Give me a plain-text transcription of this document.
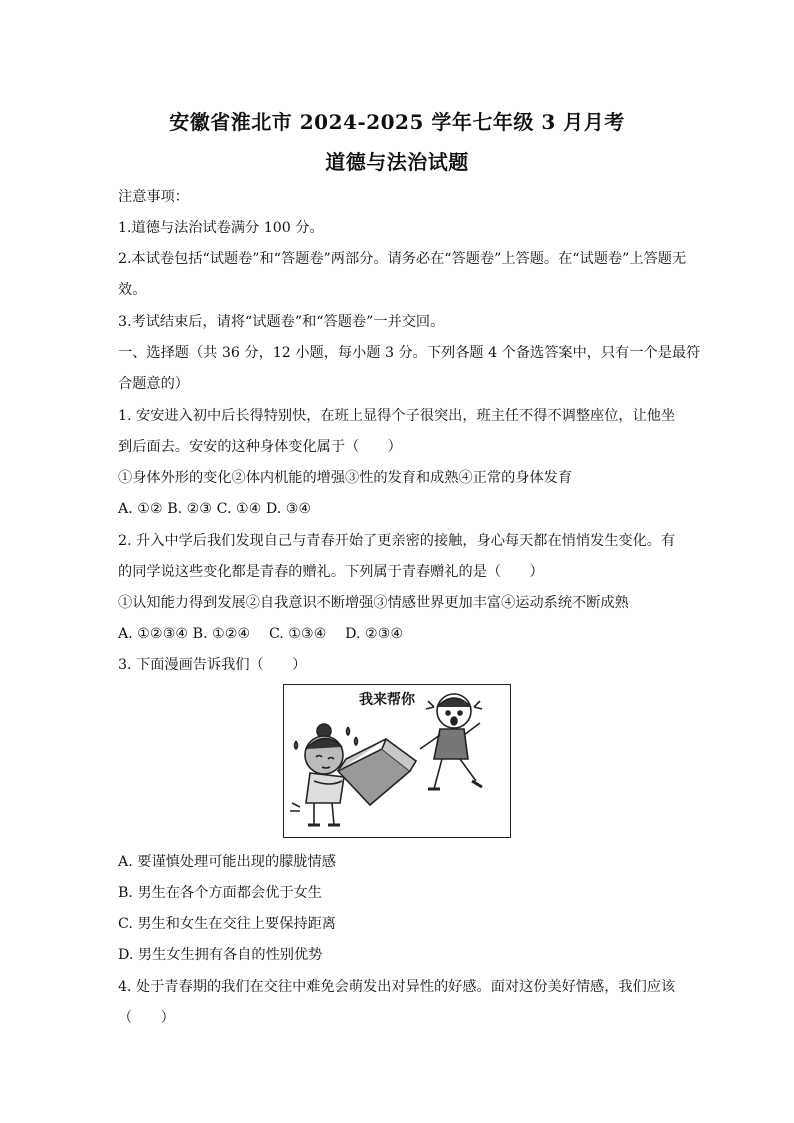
安徽省淮北市 2024-2025 学年七年级 3 月月考
道德与法治试题
注意事项：
1.道德与法治试卷满分 100 分。
2.本试卷包括“试题卷”和“答题卷”两部分。请务必在“答题卷”上答题。在“试题卷”上答题无
效。
3.考试结束后，请将“试题卷”和“答题卷”一并交回。
一、选择题（共 36 分，12 小题，每小题 3 分。下列各题 4 个备选答案中，只有一个是最符
合题意的）
1. 安安进入初中后长得特别快，在班上显得个子很突出，班主任不得不调整座位，让他坐
到后面去。安安的这种身体变化属于（　　）
①身体外形的变化②体内机能的增强③性的发育和成熟④正常的身体发育
A. ①② B. ②③ C. ①④ D. ③④
2. 升入中学后我们发现自己与青春开始了更亲密的接触，身心每天都在悄悄发生变化。有
的同学说这些变化都是青春的赠礼。下列属于青春赠礼的是（　　）
①认知能力得到发展②自我意识不断增强③情感世界更加丰富④运动系统不断成熟
A. ①②③④ B. ①②④ 　C. ①③④ 　D. ②③④
3. 下面漫画告诉我们（　　）
我来帮你
A. 要谨慎处理可能出现的朦胧情感
B. 男生在各个方面都会优于女生
C. 男生和女生在交往上要保持距离
D. 男生女生拥有各自的性别优势
4. 处于青春期的我们在交往中难免会萌发出对异性的好感。面对这份美好情感，我们应该
（　　）
